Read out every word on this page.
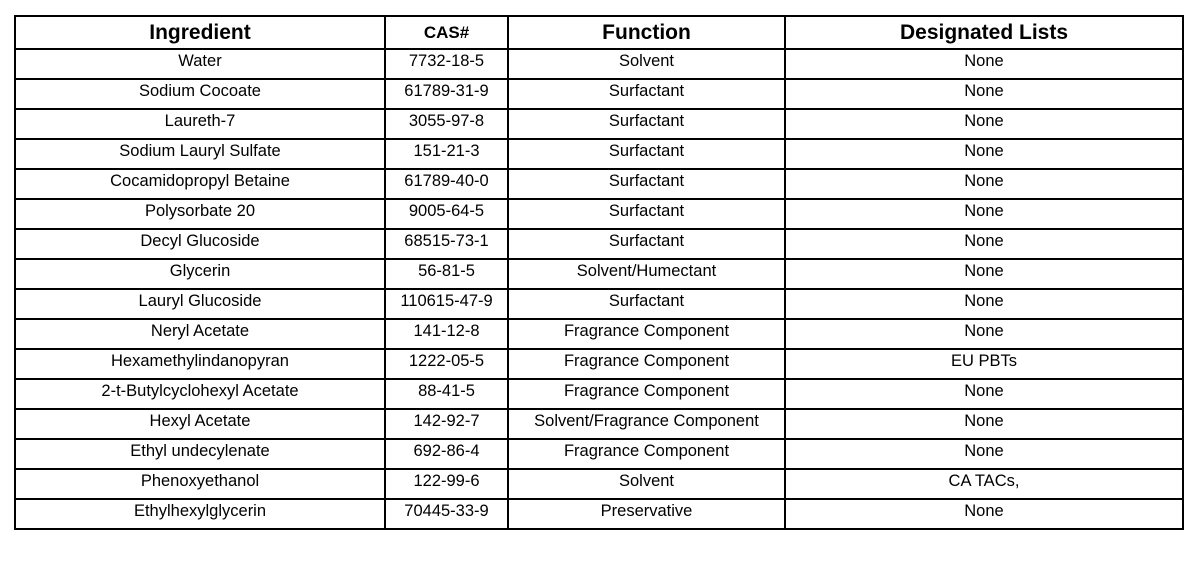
Ingredient	CAS#	Function	Designated Lists
Water	7732-18-5	Solvent	None
Sodium Cocoate	61789-31-9	Surfactant	None
Laureth-7	3055-97-8	Surfactant	None
Sodium Lauryl Sulfate	151-21-3	Surfactant	None
Cocamidopropyl Betaine	61789-40-0	Surfactant	None
Polysorbate 20	9005-64-5	Surfactant	None
Decyl Glucoside	68515-73-1	Surfactant	None
Glycerin	56-81-5	Solvent/Humectant	None
Lauryl Glucoside	110615-47-9	Surfactant	None
Neryl Acetate	141-12-8	Fragrance Component	None
Hexamethylindanopyran	1222-05-5	Fragrance Component	EU PBTs
2-t-Butylcyclohexyl Acetate	88-41-5	Fragrance Component	None
Hexyl Acetate	142-92-7	Solvent/Fragrance Component	None
Ethyl undecylenate	692-86-4	Fragrance Component	None
Phenoxyethanol	122-99-6	Solvent	CA TACs,
Ethylhexylglycerin	70445-33-9	Preservative	None
